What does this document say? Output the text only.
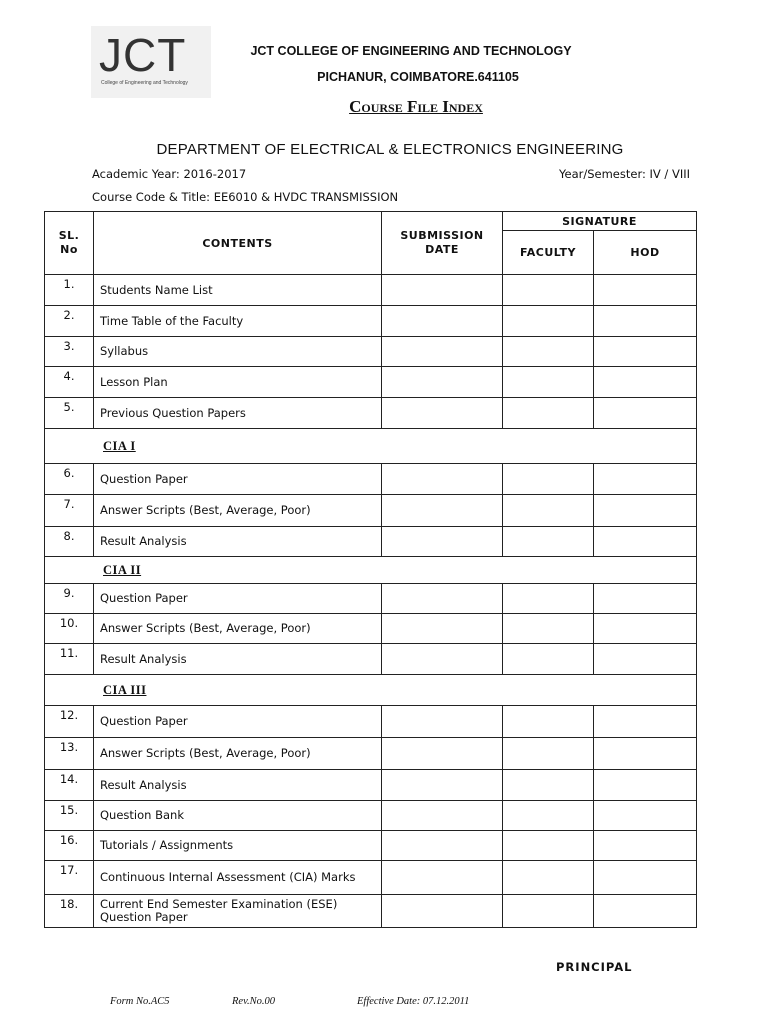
JCT
College of Engineering and Technology
JCT COLLEGE OF ENGINEERING AND TECHNOLOGY
PICHANUR, COIMBATORE.641105
Course File Index
DEPARTMENT OF ELECTRICAL & ELECTRONICS ENGINEERING
Academic Year: 2016-2017	Year/Semester: IV / VIII
Course Code & Title: EE6010 & HVDC TRANSMISSION
SL. No	CONTENTS	SUBMISSION DATE	SIGNATURE	
			FACULTY	HOD
1.	Students Name List			
2.	Time Table of the Faculty			
3.	Syllabus			
4.	Lesson Plan			
5.	Previous Question Papers			
CIA I				
6.	Question Paper			
7.	Answer Scripts (Best, Average, Poor)			
8.	Result Analysis			
CIA II				
9.	Question Paper			
10.	Answer Scripts (Best, Average, Poor)			
11.	Result Analysis			
CIA III				
12.	Question Paper			
13.	Answer Scripts (Best, Average, Poor)			
14.	Result Analysis			
15.	Question Bank			
16.	Tutorials / Assignments			
17.	Continuous Internal Assessment (CIA) Marks			
18.	Current End Semester Examination (ESE) Question Paper			
PRINCIPAL
Form No.AC5	Rev.No.00	Effective Date: 07.12.2011
